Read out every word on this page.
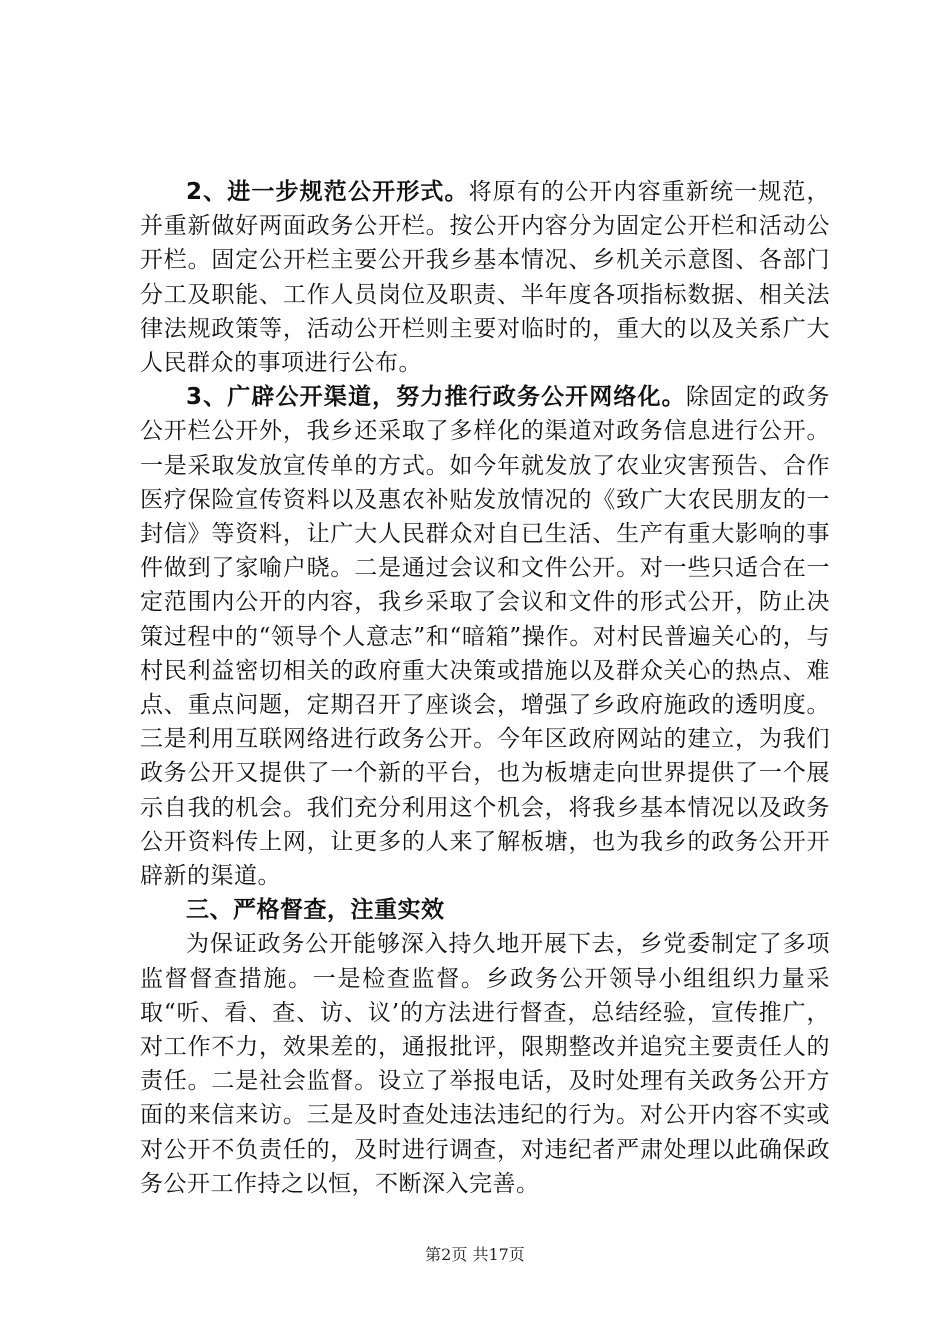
2、进一步规范公开形式。将原有的公开内容重新统一规范，并重新做好两面政务公开栏。按公开内容分为固定公开栏和活动公开栏。固定公开栏主要公开我乡基本情况、乡机关示意图、各部门分工及职能、工作人员岗位及职责、半年度各项指标数据、相关法律法规政策等，活动公开栏则主要对临时的，重大的以及关系广大人民群众的事项进行公布。

3、广辟公开渠道，努力推行政务公开网络化。除固定的政务公开栏公开外，我乡还采取了多样化的渠道对政务信息进行公开。一是采取发放宣传单的方式。如今年就发放了农业灾害预告、合作医疗保险宣传资料以及惠农补贴发放情况的《致广大农民朋友的一封信》等资料，让广大人民群众对自已生活、生产有重大影响的事件做到了家喻户晓。二是通过会议和文件公开。对一些只适合在一定范围内公开的内容，我乡采取了会议和文件的形式公开，防止决策过程中的“领导个人意志”和“暗箱”操作。对村民普遍关心的，与村民利益密切相关的政府重大决策或措施以及群众关心的热点、难点、重点问题，定期召开了座谈会，增强了乡政府施政的透明度。三是利用互联网络进行政务公开。今年区政府网站的建立，为我们政务公开又提供了一个新的平台，也为板塘走向世界提供了一个展示自我的机会。我们充分利用这个机会，将我乡基本情况以及政务公开资料传上网，让更多的人来了解板塘，也为我乡的政务公开开辟新的渠道。

三、严格督查，注重实效

为保证政务公开能够深入持久地开展下去，乡党委制定了多项监督督查措施。一是检查监督。乡政务公开领导小组组织力量采取“听、看、查、访、议’的方法进行督查，总结经验，宣传推广，对工作不力，效果差的，通报批评，限期整改并追究主要责任人的责任。二是社会监督。设立了举报电话，及时处理有关政务公开方面的来信来访。三是及时查处违法违纪的行为。对公开内容不实或对公开不负责任的，及时进行调查，对违纪者严肃处理以此确保政务公开工作持之以恒，不断深入完善。

第2页 共17页
